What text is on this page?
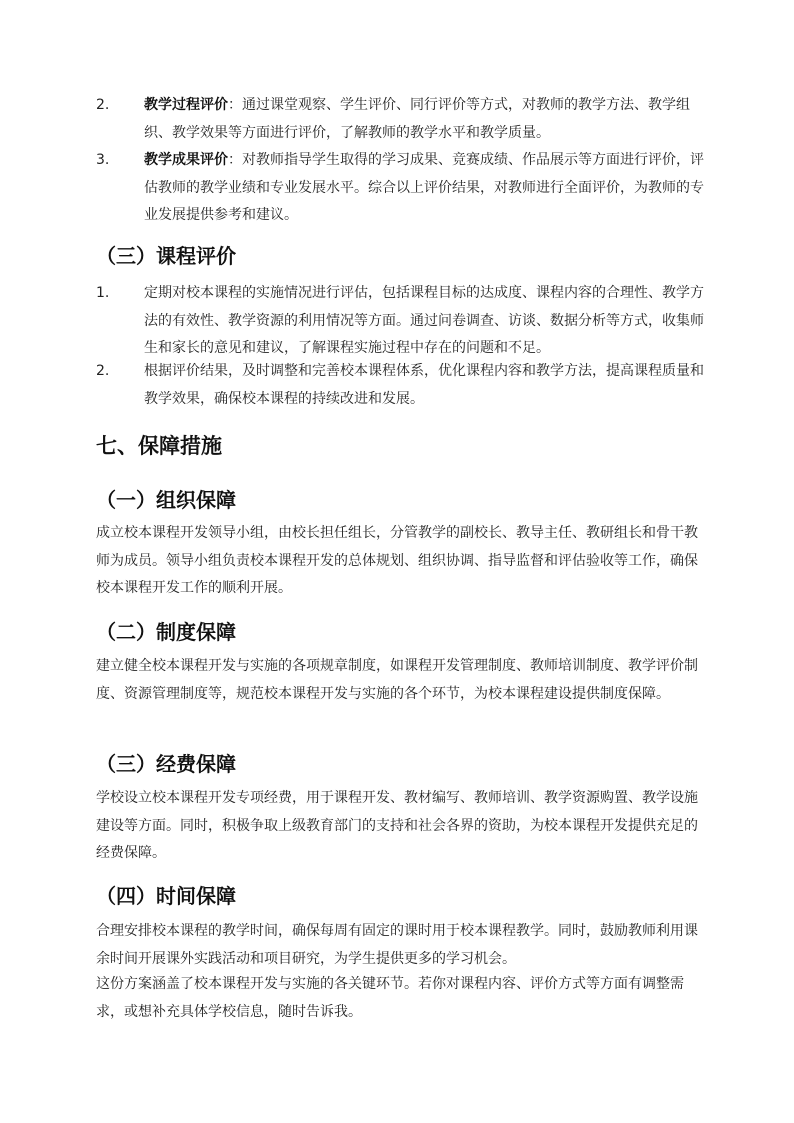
2. 教学过程评价：通过课堂观察、学生评价、同行评价等方式，对教师的教学方法、教学组织、教学效果等方面进行评价，了解教师的教学水平和教学质量。
3. 教学成果评价：对教师指导学生取得的学习成果、竞赛成绩、作品展示等方面进行评价，评估教师的教学业绩和专业发展水平。综合以上评价结果，对教师进行全面评价，为教师的专业发展提供参考和建议。
（三）课程评价
1. 定期对校本课程的实施情况进行评估，包括课程目标的达成度、课程内容的合理性、教学方法的有效性、教学资源的利用情况等方面。通过问卷调查、访谈、数据分析等方式，收集师生和家长的意见和建议，了解课程实施过程中存在的问题和不足。
2. 根据评价结果，及时调整和完善校本课程体系，优化课程内容和教学方法，提高课程质量和教学效果，确保校本课程的持续改进和发展。
七、保障措施
（一）组织保障

成立校本课程开发领导小组，由校长担任组长，分管教学的副校长、教导主任、教研组长和骨干教师为成员。领导小组负责校本课程开发的总体规划、组织协调、指导监督和评估验收等工作，确保校本课程开发工作的顺利开展。

（二）制度保障

建立健全校本课程开发与实施的各项规章制度，如课程开发管理制度、教师培训制度、教学评价制度、资源管理制度等，规范校本课程开发与实施的各个环节，为校本课程建设提供制度保障。

（三）经费保障

学校设立校本课程开发专项经费，用于课程开发、教材编写、教师培训、教学资源购置、教学设施建设等方面。同时，积极争取上级教育部门的支持和社会各界的资助，为校本课程开发提供充足的经费保障。

（四）时间保障

合理安排校本课程的教学时间，确保每周有固定的课时用于校本课程教学。同时，鼓励教师利用课余时间开展课外实践活动和项目研究，为学生提供更多的学习机会。

这份方案涵盖了校本课程开发与实施的各关键环节。若你对课程内容、评价方式等方面有调整需求，或想补充具体学校信息，随时告诉我。
